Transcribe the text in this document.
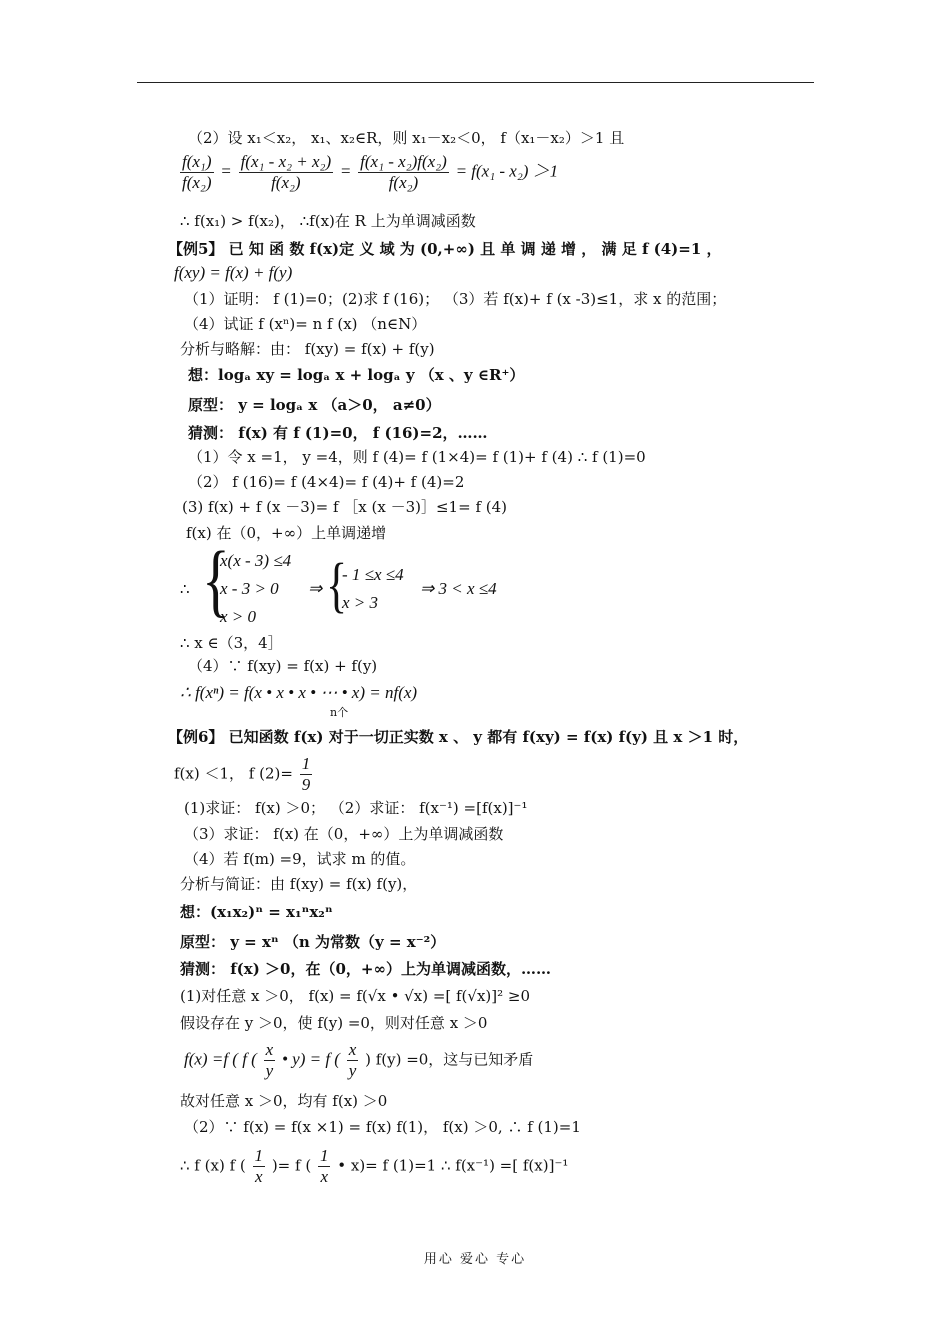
（2）设 x₁＜x₂， x₁、x₂∈R，则 x₁－x₂＜0， f（x₁－x₂）＞1 且
$\frac{\text{f(x₁)}}{\text{f(x₂)}} = \frac{\text{f(x₁ - x₂ + x₂)}}{\text{f(x₂)}} = \frac{\text{f(x₁ - x₂)f(x₂)}}{\text{f(x₂)}} = f(x_1 - x_2) >1$
∴ f(x₁) > f(x₂)， ∴f(x)在 R 上为单调减函数
【例5】 已 知 函 数 f(x)定 义 域 为 (0,+∞) 且 单 调 递 增 ， 满 足 f (4)=1 ，
f(xy) = f(x) + f(y)
（1）证明： f (1)=0；(2)求 f (16)； （3）若 f(x)+ f (x -3)≤1，求 x 的范围；
（4）试证 f (xⁿ)= n f (x) （n∈N）
分析与略解：由： f(xy) = f(x) + f(y)
想：logₐ xy = logₐ x + logₐ y （x 、y ∈R⁺）
原型： y = logₐ x （a＞0， a≠0）
猜测： f(x) 有 f (1)=0， f (16)=2，……
（1）令 x =1， y =4，则 f (4)= f (1×4)= f (1)+ f (4) ∴ f (1)=0
（2） f (16)= f (4×4)= f (4)+ f (4)=2
(3) f(x) + f (x －3)= f ［x (x －3)］≤1= f (4)
f(x) 在（0，+∞）上单调递增
∴ {
x(x - 3) ≤4
x - 3 > 0
x > 0
⇒ {
- 1 ≤x ≤4
x > 3
⇒ 3 < x ≤4
∴ x ∈（3，4］
（4）∵ f(xy) = f(x) + f(y)
∴ f(xⁿ) = f(x • x • x • ⋯ • x) = nf(x)
n个
【例6】 已知函数 f(x) 对于一切正实数 x 、 y 都有 f(xy) = f(x) f(y) 且 x ＞1 时，
f(x) ＜1， f $(2)= \frac{1}{9}$
(1)求证： f(x) ＞0； （2）求证： f(x⁻¹) =[f(x)]⁻¹
（3）求证： f(x) 在（0，+∞）上为单调减函数
（4）若 f(m) =9，试求 m 的值。
分析与简证：由 f(xy) = f(x) f(y)，
想：(x₁x₂)ⁿ = x₁ⁿx₂ⁿ
原型： y = xⁿ （n 为常数（y = x⁻²）
猜测： f(x) ＞0，在（0，+∞）上为单调减函数，……
(1)对任意 x ＞0， f(x) = f(√x • √x) =[ f(√x)]² ≥0
假设存在 y ＞0，使 f(y) =0，则对任意 x ＞0
f(x) =f ( f ( $\frac{x}{y}$ • y) = f ( $\frac{x}{y}$ ) f(y) =0，这与已知矛盾
故对任意 x ＞0，均有 f(x) ＞0
（2）∵ f(x) = f(x ×1) = f(x) f(1)， f(x) ＞0, ∴ f (1)=1
∴ f (x) f ( $\frac{1}{x}$ )= f ( $\frac{1}{x}$ • x)= f (1)=1 ∴ f(x⁻¹) =[ f(x)]⁻¹
用心 爱心 专心
